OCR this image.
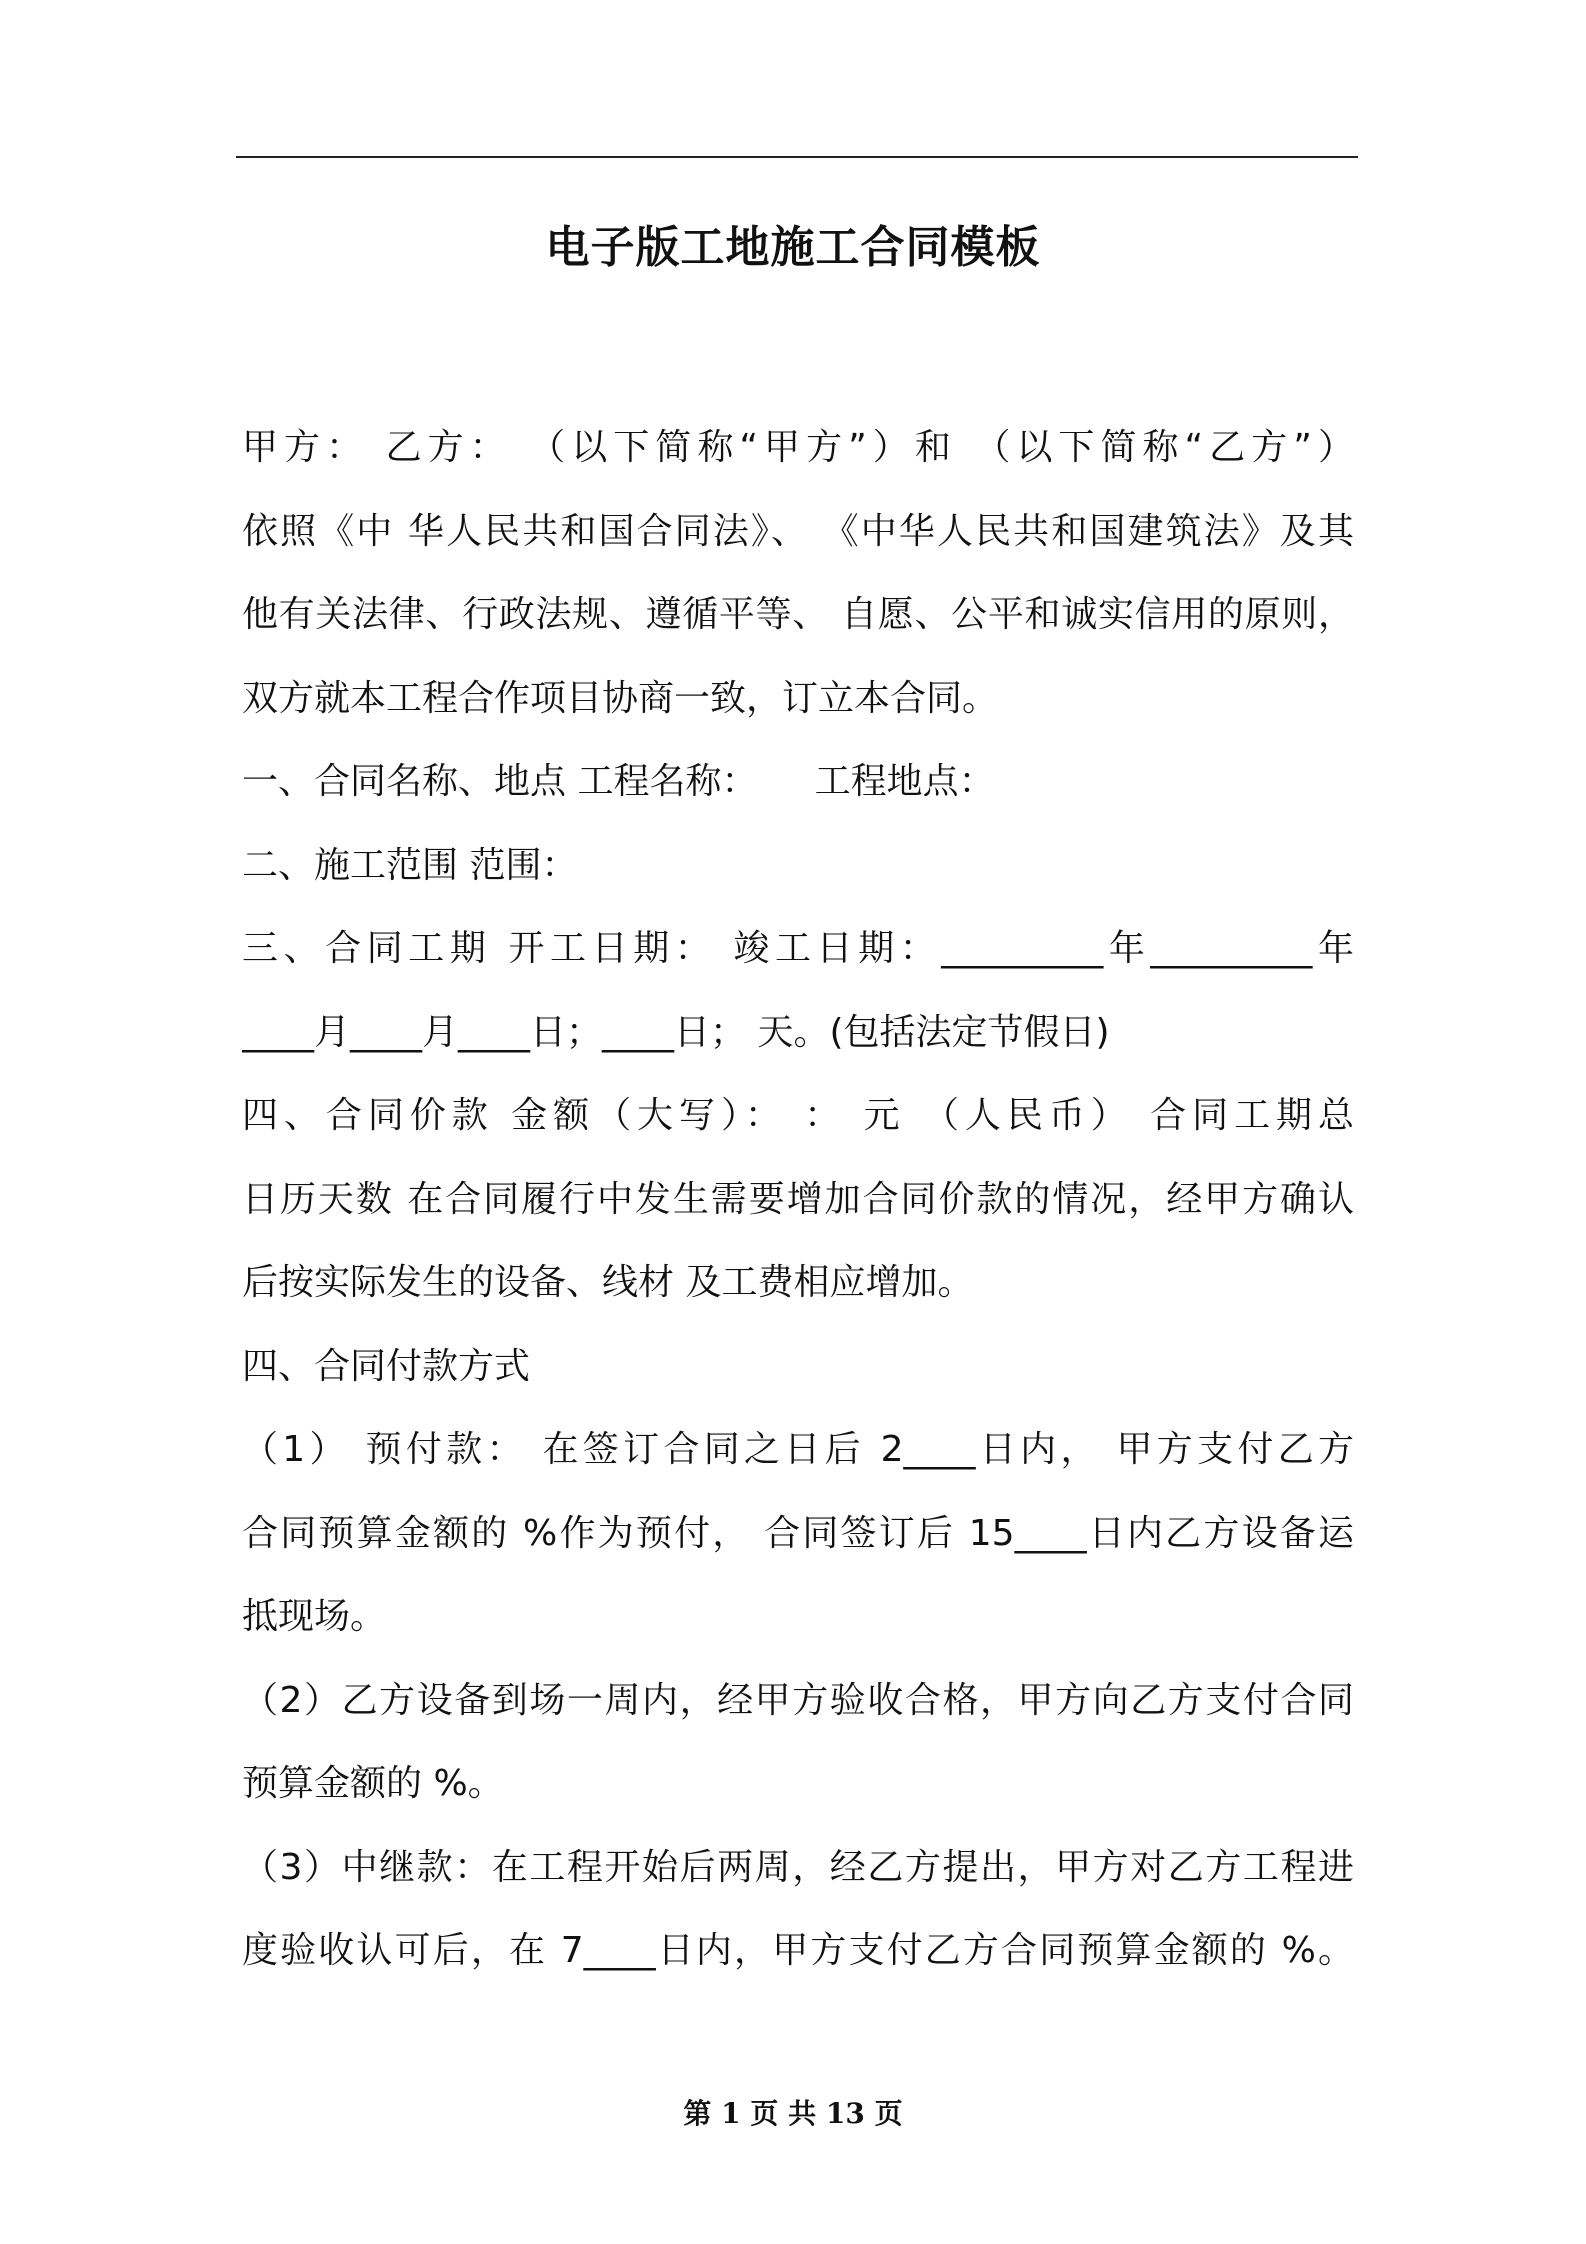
电子版工地施工合同模板
甲方： 乙方： （以下简称“甲方”）和 （以下简称“乙方”）
依照《中 华人民共和国合同法》、 《中华人民共和国建筑法》及其
他有关法律、行政法规、遵循平等、 自愿、公平和诚实信用的原则，
双方就本工程合作项目协商一致，订立本合同。
一、合同名称、地点 工程名称：     工程地点：
二、施工范围 范围：
三、合同工期 开工日期： 竣工日期：_________年_________年
____月____月____日；____日； 天。(包括法定节假日)
四、合同价款 金额（大写）： ： 元 （人民币） 合同工期总
日历天数 在合同履行中发生需要增加合同价款的情况，经甲方确认
后按实际发生的设备、线材 及工费相应增加。
四、合同付款方式
（1） 预付款： 在签订合同之日后 2____日内， 甲方支付乙方
合同预算金额的 %作为预付， 合同签订后 15____日内乙方设备运
抵现场。
（2）乙方设备到场一周内，经甲方验收合格，甲方向乙方支付合同
预算金额的 %。
（3）中继款：在工程开始后两周，经乙方提出，甲方对乙方工程进
度验收认可后，在 7____日内，甲方支付乙方合同预算金额的 %。
第 1 页 共 13 页
